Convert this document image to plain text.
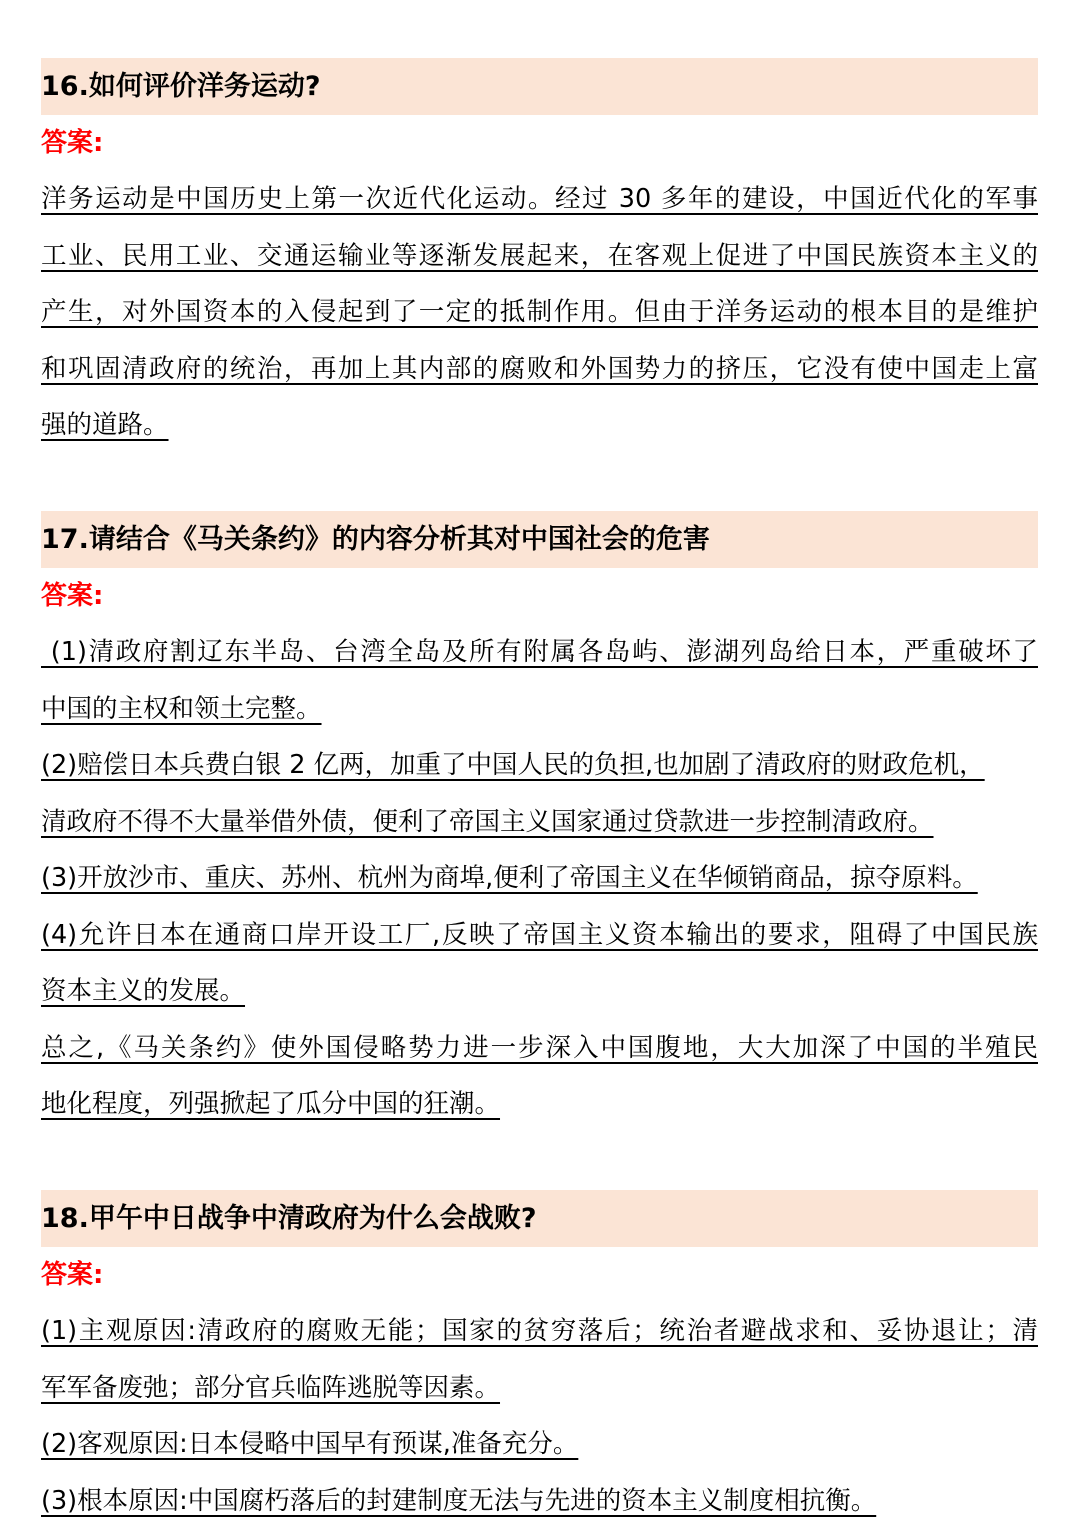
16.如何评价洋务运动?
答案:
洋务运动是中国历史上第一次近代化运动。经过 30 多年的建设，中国近代化的军事
工业、民用工业、交通运输业等逐渐发展起来，在客观上促进了中国民族资本主义的
产生，对外国资本的入侵起到了一定的抵制作用。但由于洋务运动的根本目的是维护
和巩固清政府的统治，再加上其内部的腐败和外国势力的挤压，它没有使中国走上富
强的道路。
17.请结合《马关条约》的内容分析其对中国社会的危害
答案:
(1)清政府割辽东半岛、台湾全岛及所有附属各岛屿、澎湖列岛给日本，严重破坏了
中国的主权和领土完整。
(2)赔偿日本兵费白银 2 亿两，加重了中国人民的负担,也加剧了清政府的财政危机，
清政府不得不大量举借外债，便利了帝国主义国家通过贷款进一步控制清政府。
(3)开放沙市、重庆、苏州、杭州为商埠,便利了帝国主义在华倾销商品，掠夺原料。
(4)允许日本在通商口岸开设工厂,反映了帝国主义资本输出的要求，阻碍了中国民族
资本主义的发展。
总之,《马关条约》使外国侵略势力进一步深入中国腹地，大大加深了中国的半殖民
地化程度，列强掀起了瓜分中国的狂潮。
18.甲午中日战争中清政府为什么会战败?
答案:
(1)主观原因:清政府的腐败无能；国家的贫穷落后；统治者避战求和、妥协退让；清
军军备废弛；部分官兵临阵逃脱等因素。
(2)客观原因:日本侵略中国早有预谋,准备充分。
(3)根本原因:中国腐朽落后的封建制度无法与先进的资本主义制度相抗衡。
